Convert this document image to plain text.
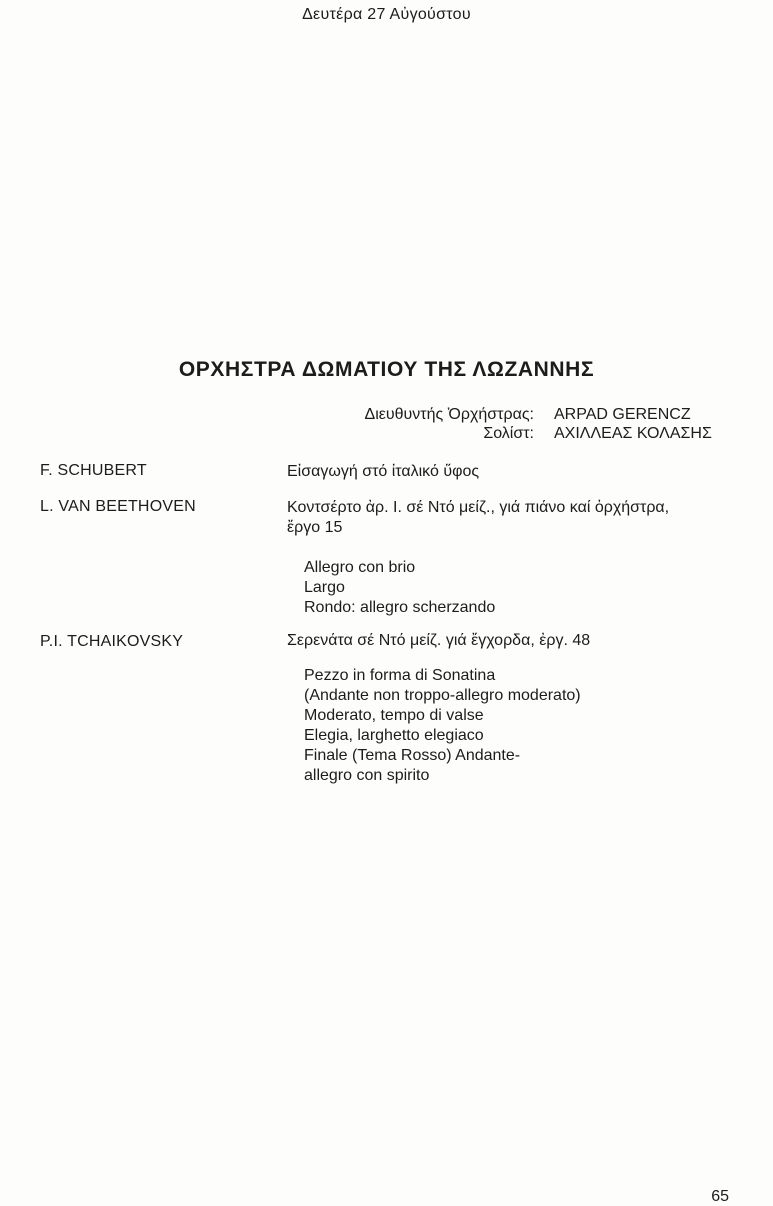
Δευτέρα 27 Αὐγούστου
ΟΡΧΗΣΤΡΑ ΔΩΜΑΤΙΟΥ ΤΗΣ ΛΩΖΑΝΝΗΣ
Διευθυντής Ὀρχήστρας: ARPAD GERENCZ
Σολίστ: ΑΧΙΛΛΕΑΣ ΚΟΛΑΣΗΣ
F. SCHUBERT	Εἰσαγωγή στό ἰταλικό ὕφος
L. VAN BEETHOVEN	Κοντσέρτο ἀρ. Ι. σέ Ντό μείζ., γιά πιάνο καί ὀρχήστρα,
ἔργο 15
Allegro con brio
Largo
Rondo: allegro scherzando
P.I. TCHAIKOVSKY	Σερενάτα σέ Ντό μείζ. γιά ἔγχορδα, ἐργ. 48
Pezzo in forma di Sonatina
(Andante non troppo-allegro moderato)
Moderato, tempo di valse
Elegia, larghetto elegiaco
Finale (Tema Rosso) Andante-
allegro con spirito
65
